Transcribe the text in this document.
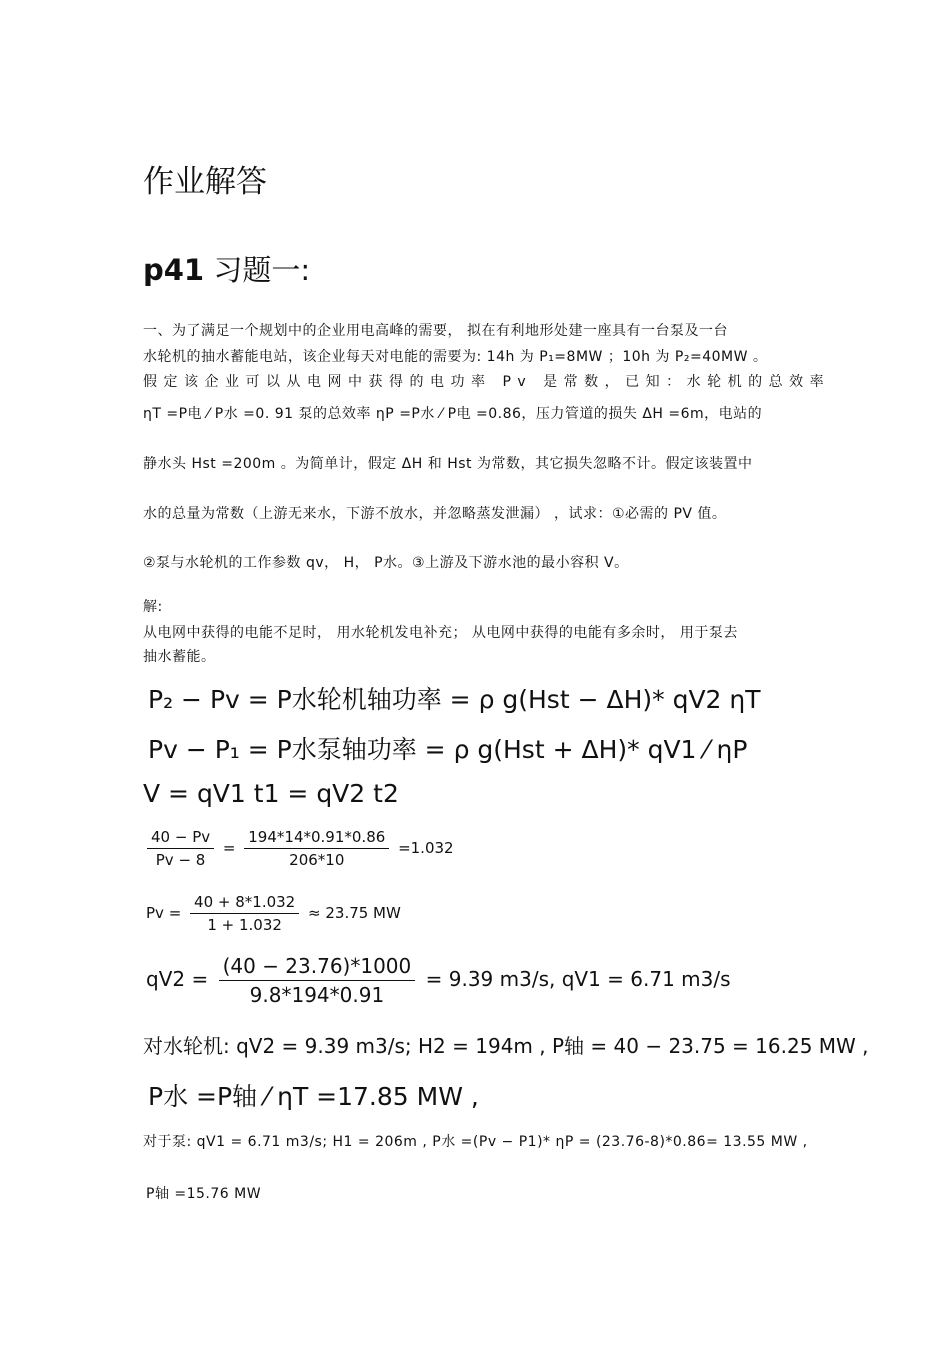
作业解答
p41 习题一:
一、为了满足一个规划中的企业用电高峰的需要， 拟在有利地形处建一座具有一台泵及一台
水轮机的抽水蓄能电站，该企业每天对电能的需要为: 14h 为 P₁=8MW ；10h 为 P₂=40MW 。
假定该企业可以从电网中获得的电功率 Pv 是常数，已知：水轮机的总效率
ηT =P电 ⁄ P水 =0. 91 泵的总效率 ηP =P水 ⁄ P电 =0.86，压力管道的损失 ΔH =6m，电站的
静水头 Hst =200m 。为简单计，假定 ΔH 和 Hst 为常数，其它损失忽略不计。假定该装置中
水的总量为常数（上游无来水，下游不放水，并忽略蒸发泄漏） ，试求：①必需的 PV 值。
②泵与水轮机的工作参数 qv， H， P水。③上游及下游水池的最小容积 V。
解:
从电网中获得的电能不足时， 用水轮机发电补充； 从电网中获得的电能有多余时， 用于泵去
抽水蓄能。
P₂ − Pv = P水轮机轴功率 = ρ g(Hst − ΔH)* qV2 ηT
Pv − P₁ = P水泵轴功率 = ρ g(Hst + ΔH)* qV1 ⁄ ηP
V = qV1 t1 = qV2 t2
$\frac{40 - Pv}{Pv - 8} = \frac{194*14*0.91*0.86}{206*10} =1.032$
$Pv = \frac{40 + 8*1.032}{1 + 1.032} \approx 23.75$ MW
$qV2 = \frac{(40 - 23.76)*1000}{9.8*194*0.91} = 9.39$ m3/s, qV1 = 6.71 m3/s
对水轮机: qV2 = 9.39 m3/s; H2 = 194m , P轴 = 40 − 23.75 = 16.25 MW ,
P水 =P轴 ⁄ ηT =17.85 MW ,
对于泵: qV1 = 6.71 m3/s; H1 = 206m , P水 =(Pv − P1)* ηP = (23.76-8)*0.86= 13.55 MW ,
P轴 =15.76 MW
